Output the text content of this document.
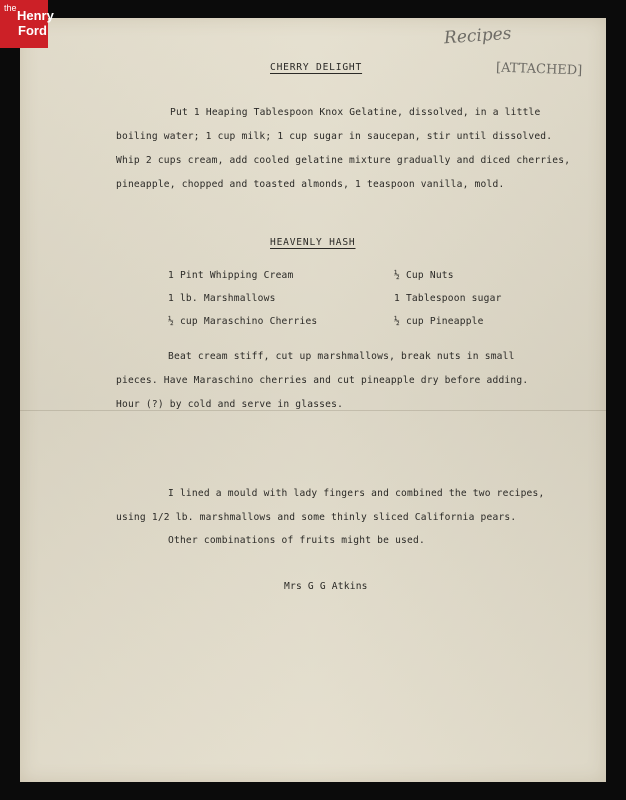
Recipes
[ATTACHED]
CHERRY DELIGHT
Put 1 Heaping Tablespoon Knox Gelatine, dissolved, in a little
boiling water; 1 cup milk; 1 cup sugar in saucepan, stir until dissolved.
Whip 2 cups cream, add cooled gelatine mixture gradually and diced cherries,
pineapple, chopped and toasted almonds, 1 teaspoon vanilla, mold.
HEAVENLY HASH
1 Pint Whipping Cream
1 lb. Marshmallows
½ cup Maraschino Cherries
½ Cup Nuts
1 Tablespoon sugar
½ cup Pineapple
Beat cream stiff, cut up marshmallows, break nuts in small
pieces. Have Maraschino cherries and cut pineapple dry before adding.
Hour (?) by cold and serve in glasses.
I lined a mould with lady fingers and combined the two recipes,
using 1/2 lb. marshmallows and some thinly sliced California pears.
Other combinations of fruits might be used.
Mrs G G Atkins
the Henry
Ford
